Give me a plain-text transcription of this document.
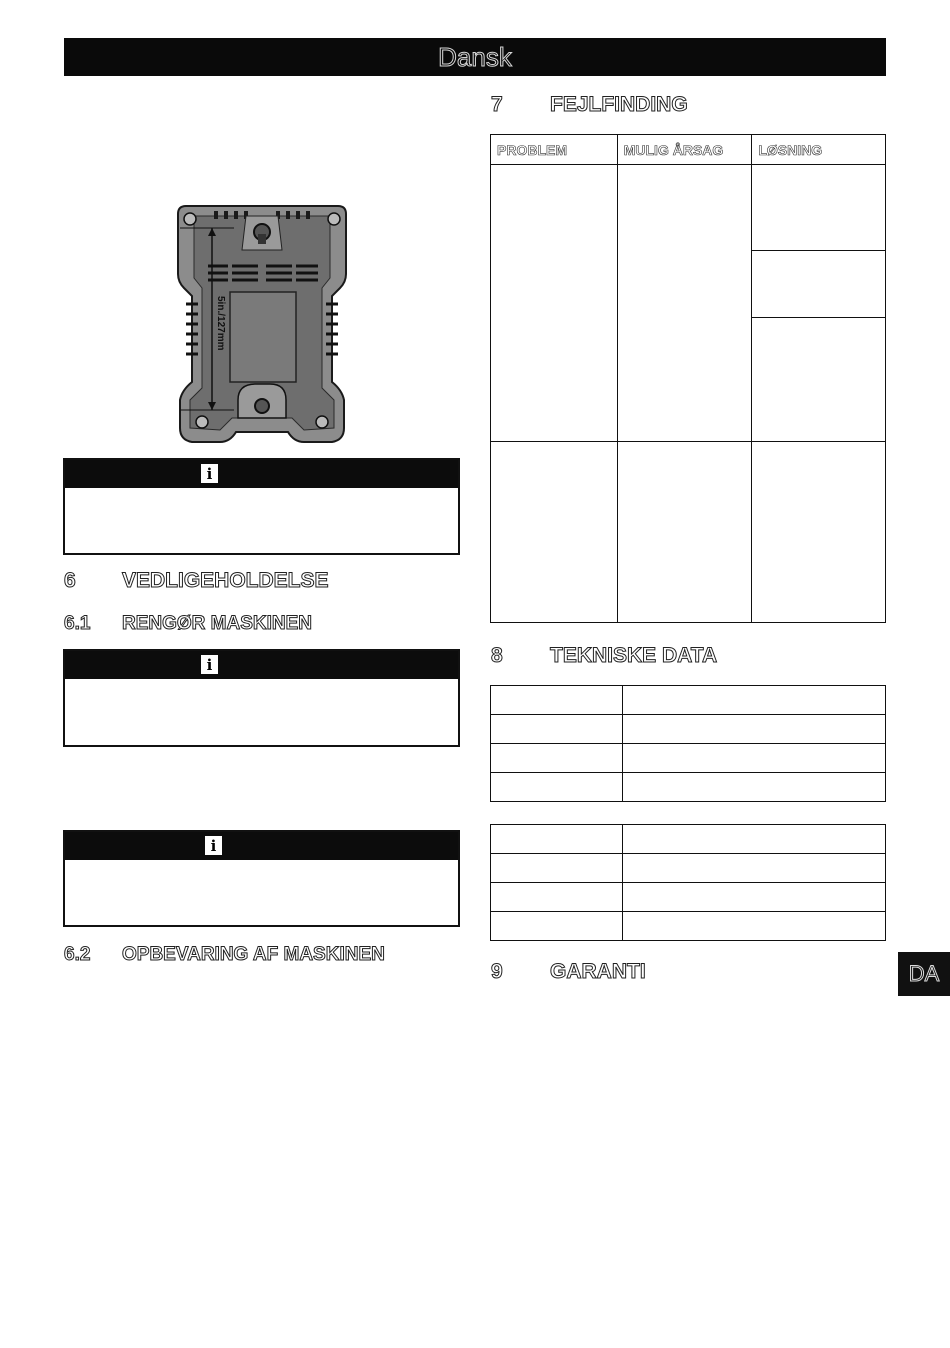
Dansk
5in./127mm
i
6 VEDLIGEHOLDELSE
6.1 RENGØR MASKINEN
i
i
6.2 OPBEVARING AF MASKINEN
7 FEJLFINDING
PROBLEM	MULIG ÅRSAG	LØSNING

8 TEKNISKE DATA

9 GARANTI	DA
